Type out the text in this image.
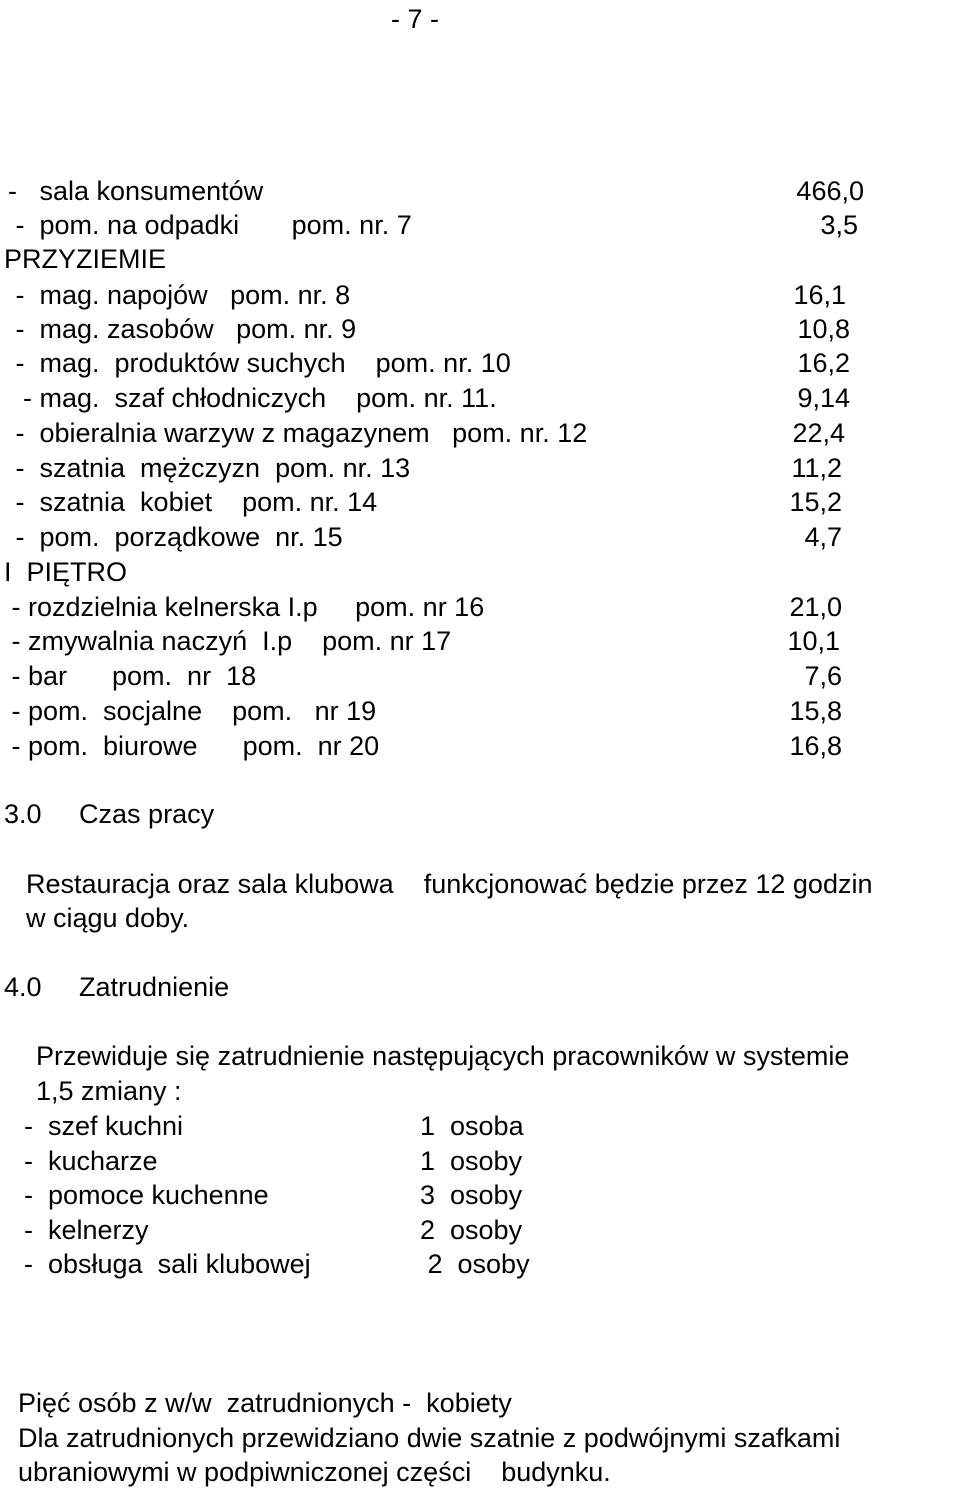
- 7 -
-   sala konsumentów	466,0
-  pom. na odpadki       pom. nr. 7	3,5
PRZYZIEMIE
-  mag. napojów   pom. nr. 8	16,1
-  mag. zasobów   pom. nr. 9	10,8
-  mag.  produktów suchych    pom. nr. 10	16,2
- mag.  szaf chłodniczych    pom. nr. 11.	9,14
-  obieralnia warzyw z magazynem   pom. nr. 12	22,4
-  szatnia  mężczyzn  pom. nr. 13	11,2
-  szatnia  kobiet    pom. nr. 14	15,2
-  pom.  porządkowe  nr. 15	4,7
I  PIĘTRO
- rozdzielnia kelnerska I.p     pom. nr 16	21,0
- zmywalnia naczyń  I.p    pom. nr 17	10,1
- bar      pom.  nr  18	7,6
- pom.  socjalne    pom.   nr 19	15,8
- pom.  biurowe      pom.  nr 20	16,8
3.0     Czas pracy
Restauracja oraz sala klubowa    funkcjonować będzie przez 12 godzin
w ciągu doby.
4.0     Zatrudnienie
Przewiduje się zatrudnienie następujących pracowników w systemie
1,5 zmiany :
-  szef kuchni	1  osoba
-  kucharze	1  osoby
-  pomoce kuchenne	3  osoby
-  kelnerzy	2  osoby
-  obsługa  sali klubowej	2  osoby
Pięć osób z w/w  zatrudnionych -  kobiety
Dla zatrudnionych przewidziano dwie szatnie z podwójnymi szafkami
ubraniowymi w podpiwniczonej części    budynku.
